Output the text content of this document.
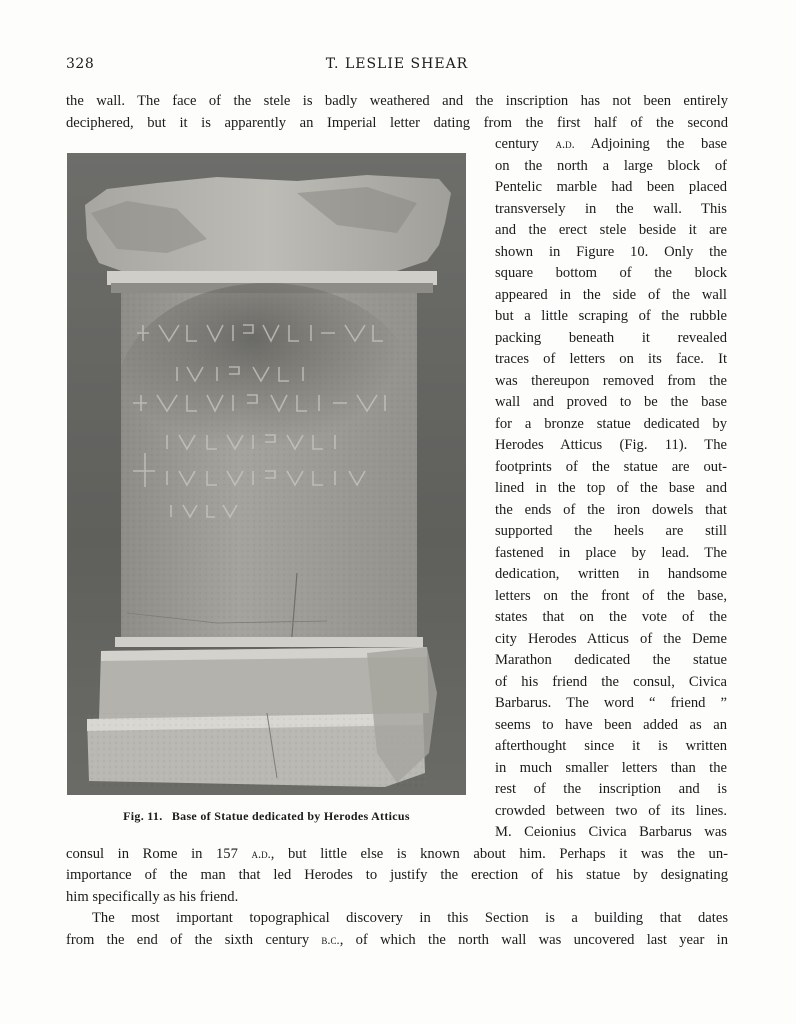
328	T. LESLIE SHEAR
the wall. The face of the stele is badly weathered and the inscription has not been entirely
deciphered, but it is apparently an Imperial letter dating from the first half of the second
century a.d. Adjoining the base
on the north a large block of
Pentelic marble had been placed
transversely in the wall. This
and the erect stele beside it are
shown in Figure 10. Only the
square bottom of the block
appeared in the side of the wall
but a little scraping of the rubble
packing beneath it revealed
traces of letters on its face. It
was thereupon removed from the
wall and proved to be the base
for a bronze statue dedicated by
Herodes Atticus (Fig. 11). The
footprints of the statue are out-
lined in the top of the base and
the ends of the iron dowels that
supported the heels are still
fastened in place by lead. The
dedication, written in handsome
letters on the front of the base,
states that on the vote of the
city Herodes Atticus of the Deme
Marathon dedicated the statue
of his friend the consul, Civica
Barbarus. The word “ friend ”
seems to have been added as an
afterthought since it is written
in much smaller letters than the
rest of the inscription and is
crowded between two of its lines.
M. Ceionius Civica Barbarus was
Fig. 11. Base of Statue dedicated by Herodes Atticus
consul in Rome in 157 a.d., but little else is known about him. Perhaps it was the un-
importance of the man that led Herodes to justify the erection of his statue by designating
him specifically as his friend.
The most important topographical discovery in this Section is a building that dates
from the end of the sixth century b.c., of which the north wall was uncovered last year in
